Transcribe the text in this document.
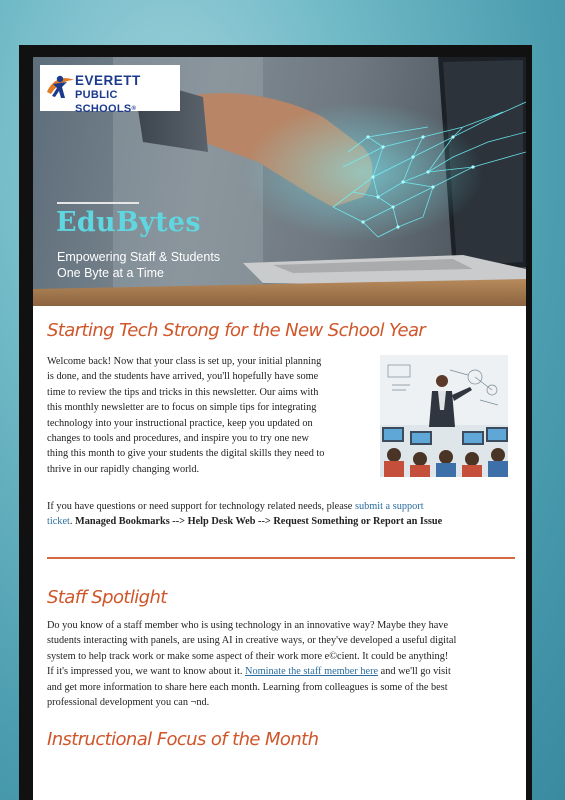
EVERETT
PUBLIC SCHOOLS®
EduBytes
Empowering Staff & Students
One Byte at a Time
Starting Tech Strong for the New School Year
Welcome back! Now that your class is set up, your initial planning
is done, and the students have arrived, you'll hopefully have some
time to review the tips and tricks in this newsletter. Our aims with
this monthly newsletter are to focus on simple tips for integrating
technology into your instructional practice, keep you updated on
changes to tools and procedures, and inspire you to try one new
thing this month to give your students the digital skills they need to
thrive in our rapidly changing world.
If you have questions or need support for technology related needs, please submit a support
ticket. Managed Bookmarks --> Help Desk Web --> Request Something or Report an Issue
Staff Spotlight
Do you know of a staff member who is using technology in an innovative way? Maybe they have
students interacting with panels, are using AI in creative ways, or they've developed a useful digital
system to help track work or make some aspect of their work more e©cient. It could be anything!
If it's impressed you, we want to know about it. Nominate the staff member here and we'll go visit
and get more information to share here each month. Learning from colleagues is some of the best
professional development you can ¬nd.
Instructional Focus of the Month
